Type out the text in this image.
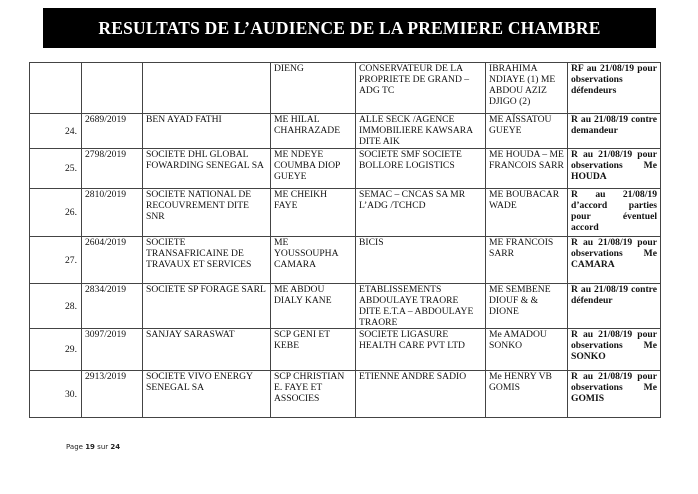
RESULTATS DE L’AUDIENCE DE LA PREMIERE CHAMBRE

			DIENG	CONSERVATEUR DE LA PROPRIETE DE GRAND – ADG TC	IBRAHIMA NDIAYE (1) ME ABDOU AZIZ DJIGO (2)	RF au 21/08/19 pour observations défendeurs

24.	2689/2019	BEN AYAD FATHI	ME HILAL CHAHRAZADE	ALLE SECK /AGENCE IMMOBILIERE KAWSARA DITE AIK	ME AÏSSATOU GUEYE	R au 21/08/19 contre demandeur

25.	2798/2019	SOCIETE DHL GLOBAL FOWARDING SENEGAL SA	ME NDEYE COUMBA DIOP GUEYE	SOCIETE SMF SOCIETE BOLLORE LOGISTICS	ME HOUDA – ME FRANCOIS SARR	R au 21/08/19 pour observations Me HOUDA

26.	2810/2019	SOCIETE NATIONAL DE RECOUVREMENT DITE SNR	ME CHEIKH FAYE	SEMAC – CNCAS SA MR L’ADG /TCHCD	ME BOUBACAR WADE	R au 21/08/19 d’accord parties pour éventuel accord

27.	2604/2019	SOCIETE TRANSAFRICAINE DE TRAVAUX ET SERVICES	ME YOUSSOUPHA CAMARA	BICIS	ME FRANCOIS SARR	R au 21/08/19 pour observations Me CAMARA

28.	2834/2019	SOCIETE SP FORAGE SARL	ME ABDOU DIALY KANE	ETABLISSEMENTS ABDOULAYE TRAORE DITE E.T.A – ABDOULAYE TRAORE	ME SEMBENE DIOUF & & DIONE	R au 21/08/19 contre défendeur

29.	3097/2019	SANJAY SARASWAT	SCP GENI ET KEBE	SOCIETE LIGASURE HEALTH CARE PVT LTD	Me AMADOU SONKO	R au 21/08/19 pour observations Me SONKO

30.	2913/2019	SOCIETE VIVO ENERGY SENEGAL SA	SCP CHRISTIAN E. FAYE ET ASSOCIES	ETIENNE ANDRE SADIO	Me HENRY VB GOMIS	R au 21/08/19 pour observations Me GOMIS
Page 19 sur 24
